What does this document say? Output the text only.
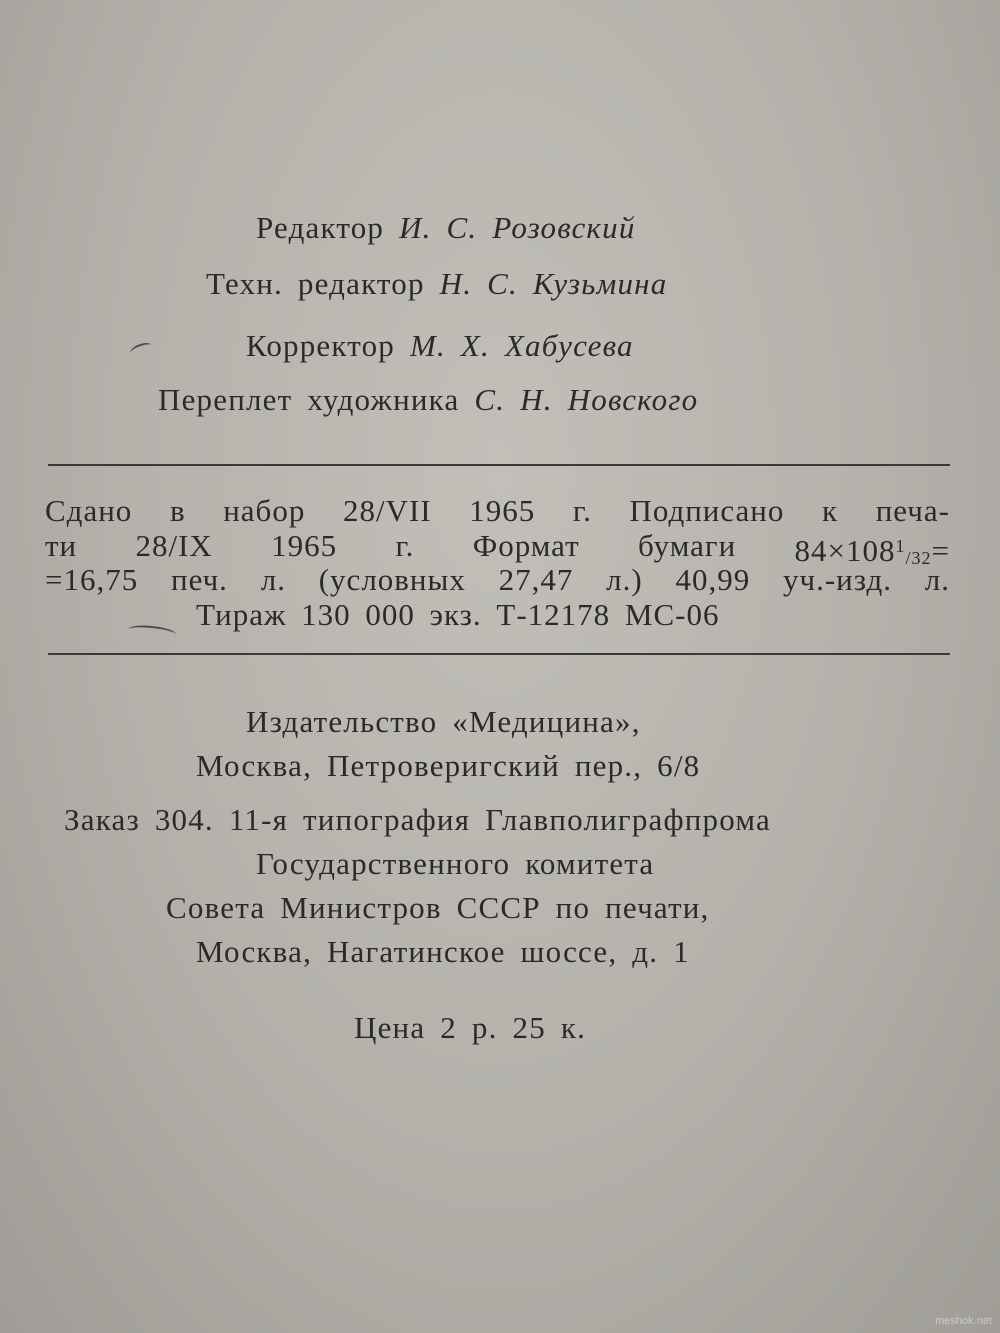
Редактор И. С. Розовский
Техн. редактор Н. С. Кузьмина
Корректор М. Х. Хабусева
Переплет художника С. Н. Новского
Сдано в набор 28/VII 1965 г. Подписано к печа-
ти 28/IX 1965 г. Формат бумаги $84\times 108^1/32=$
=16,75 печ. л. (условных 27,47 л.) 40,99 уч.-изд. л.
Тираж 130 000 экз. Т-12178 МС-06
Издательство «Медицина»,
Москва, Петроверигский пер., 6/8
Заказ 304. 11-я типография Главполиграфпрома
Государственного комитета
Совета Министров СССР по печати,
Москва, Нагатинское шоссе, д. 1
Цена 2 р. 25 к.
meshok.net
